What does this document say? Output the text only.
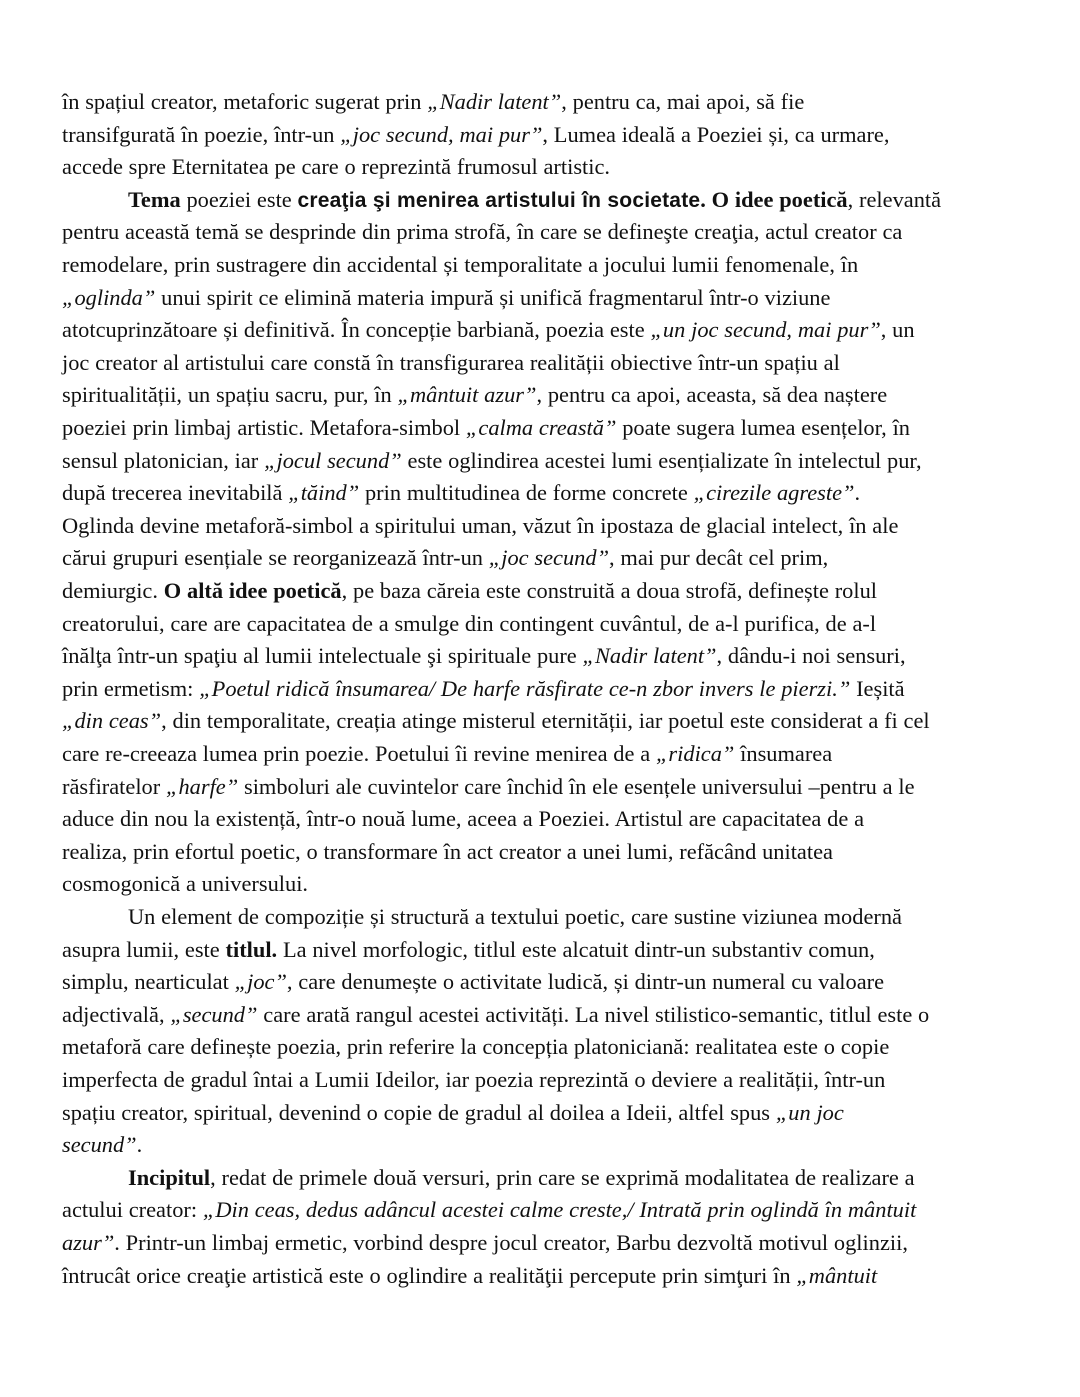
în spațiul creator, metaforic sugerat prin „Nadir latent”, pentru ca, mai apoi, să fie

transifgurată în poezie, într-un „joc secund, mai pur”, Lumea ideală a Poeziei și, ca urmare,

accede spre Eternitatea pe care o reprezintă frumosul artistic.

Tema poeziei este creaţia şi menirea artistului în societate. O idee poetică, relevantă

pentru această temă se desprinde din prima strofă, în care se defineşte creaţia, actul creator ca

remodelare, prin sustragere din accidental și temporalitate a jocului lumii fenomenale, în

„oglinda” unui spirit ce elimină materia impură și unifică fragmentarul într-o viziune

atotcuprinzătoare și definitivă. În concepție barbiană, poezia este „un joc secund, mai pur”, un

joc creator al artistului care constă în transfigurarea realității obiective într-un spațiu al

spiritualității, un spațiu sacru, pur, în „mântuit azur”, pentru ca apoi, aceasta, să dea naștere

poeziei prin limbaj artistic. Metafora-simbol „calma creastă” poate sugera lumea esențelor, în

sensul platonician, iar „jocul secund” este oglindirea acestei lumi esențializate în intelectul pur,

după trecerea inevitabilă „tăind” prin multitudinea de forme concrete „cirezile agreste”.

Oglinda devine metaforă-simbol a spiritului uman, văzut în ipostaza de glacial intelect, în ale

cărui grupuri esențiale se reorganizează într-un „joc secund”, mai pur decât cel prim,

demiurgic. O altă idee poetică, pe baza căreia este construită a doua strofă, definește rolul

creatorului, care are capacitatea de a smulge din contingent cuvântul, de a-l purifica, de a-l

înălţa într-un spaţiu al lumii intelectuale şi spirituale pure „Nadir latent”, dându-i noi sensuri,

prin ermetism: „Poetul ridică însumarea/ De harfe răsfirate ce-n zbor invers le pierzi.” Ieșită

„din ceas”, din temporalitate, creația atinge misterul eternității, iar poetul este considerat a fi cel

care re-creeaza lumea prin poezie. Poetului îi revine menirea de a „ridica” însumarea

răsfiratelor „harfe” simboluri ale cuvintelor care închid în ele esențele universului –pentru a le

aduce din nou la existență, într-o nouă lume, aceea a Poeziei. Artistul are capacitatea de a

realiza, prin efortul poetic, o transformare în act creator a unei lumi, refăcând unitatea

cosmogonică a universului.

Un element de compoziție și structură a textului poetic, care sustine viziunea modernă

asupra lumii, este titlul. La nivel morfologic, titlul este alcatuit dintr-un substantiv comun,

simplu, nearticulat „joc”, care denumește o activitate ludică, și dintr-un numeral cu valoare

adjectivală, „secund” care arată rangul acestei activități. La nivel stilistico-semantic, titlul este o

metaforă care definește poezia, prin referire la concepția platoniciană: realitatea este o copie

imperfecta de gradul întai a Lumii Ideilor, iar poezia reprezintă o deviere a realității, într-un

spațiu creator, spiritual, devenind o copie de gradul al doilea a Ideii, altfel spus „un joc

secund”.

Incipitul, redat de primele două versuri, prin care se exprimă modalitatea de realizare a

actului creator: „Din ceas, dedus adâncul acestei calme creste,/ Intrată prin oglindă în mântuit

azur”. Printr-un limbaj ermetic, vorbind despre jocul creator, Barbu dezvoltă motivul oglinzii,

întrucât orice creaţie artistică este o oglindire a realităţii percepute prin simţuri în „mântuit
